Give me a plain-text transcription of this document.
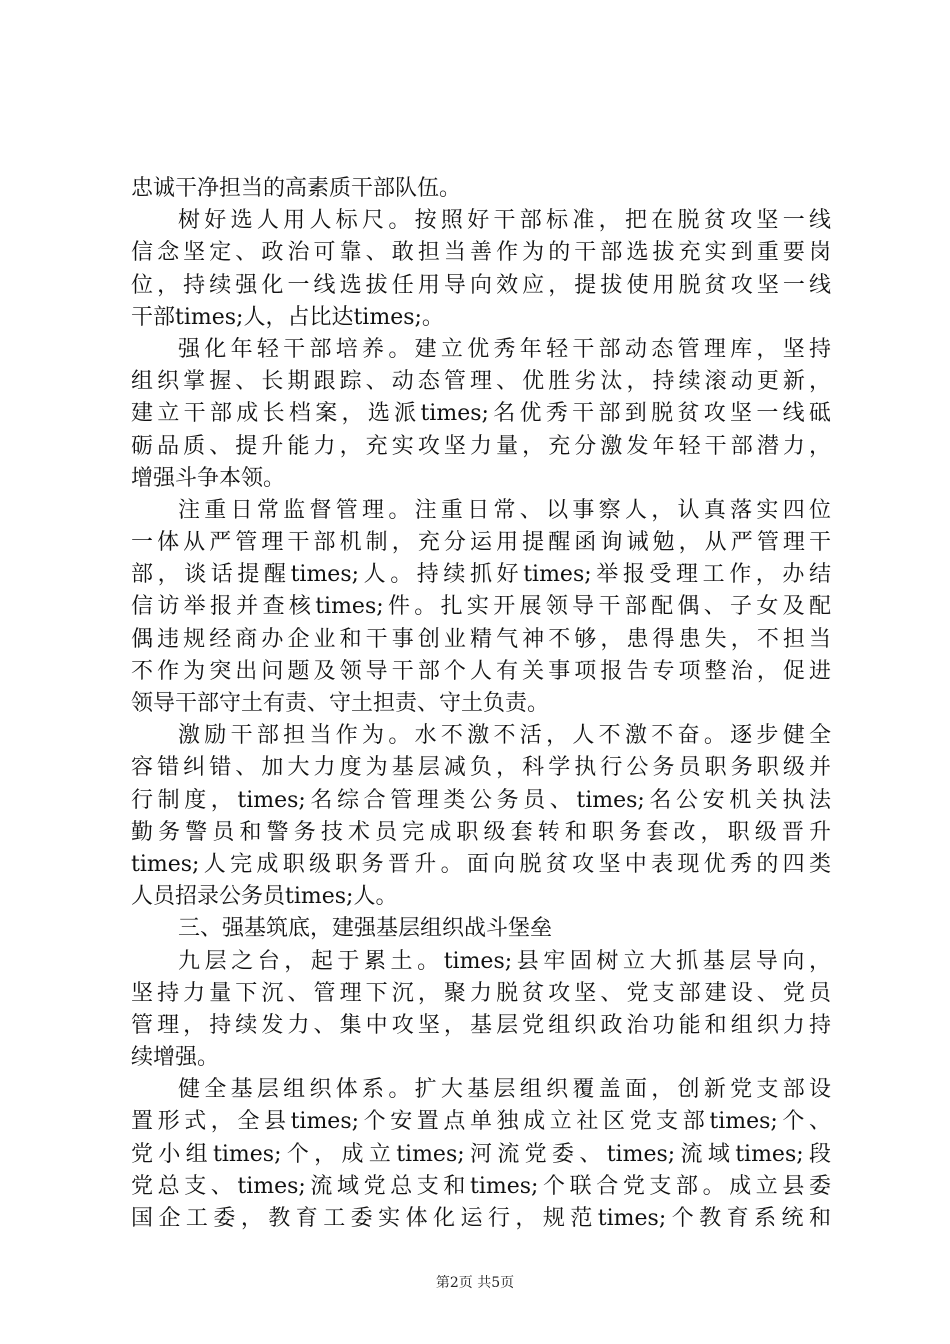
忠诚干净担当的高素质干部队伍。
树好选人用人标尺。按照好干部标准，把在脱贫攻坚一线
信念坚定、政治可靠、敢担当善作为的干部选拔充实到重要岗
位，持续强化一线选拔任用导向效应，提拔使用脱贫攻坚一线
干部times;人，占比达times;。
强化年轻干部培养。建立优秀年轻干部动态管理库，坚持
组织掌握、长期跟踪、动态管理、优胜劣汰，持续滚动更新，
建立干部成长档案，选派times;名优秀干部到脱贫攻坚一线砥
砺品质、提升能力，充实攻坚力量，充分激发年轻干部潜力，
增强斗争本领。
注重日常监督管理。注重日常、以事察人，认真落实四位
一体从严管理干部机制，充分运用提醒函询诫勉，从严管理干
部，谈话提醒times;人。持续抓好times;举报受理工作，办结
信访举报并查核times;件。扎实开展领导干部配偶、子女及配
偶违规经商办企业和干事创业精气神不够，患得患失，不担当
不作为突出问题及领导干部个人有关事项报告专项整治，促进
领导干部守土有责、守土担责、守土负责。
激励干部担当作为。水不激不活，人不激不奋。逐步健全
容错纠错、加大力度为基层减负，科学执行公务员职务职级并
行制度，times;名综合管理类公务员、times;名公安机关执法
勤务警员和警务技术员完成职级套转和职务套改，职级晋升
times;人完成职级职务晋升。面向脱贫攻坚中表现优秀的四类
人员招录公务员times;人。
三、强基筑底，建强基层组织战斗堡垒
九层之台，起于累土。times;县牢固树立大抓基层导向，
坚持力量下沉、管理下沉，聚力脱贫攻坚、党支部建设、党员
管理，持续发力、集中攻坚，基层党组织政治功能和组织力持
续增强。
健全基层组织体系。扩大基层组织覆盖面，创新党支部设
置形式，全县times;个安置点单独成立社区党支部times;个、
党小组times;个，成立times;河流党委、times;流域times;段
党总支、times;流域党总支和times;个联合党支部。成立县委
国企工委，教育工委实体化运行，规范times;个教育系统和
第2页 共5页
